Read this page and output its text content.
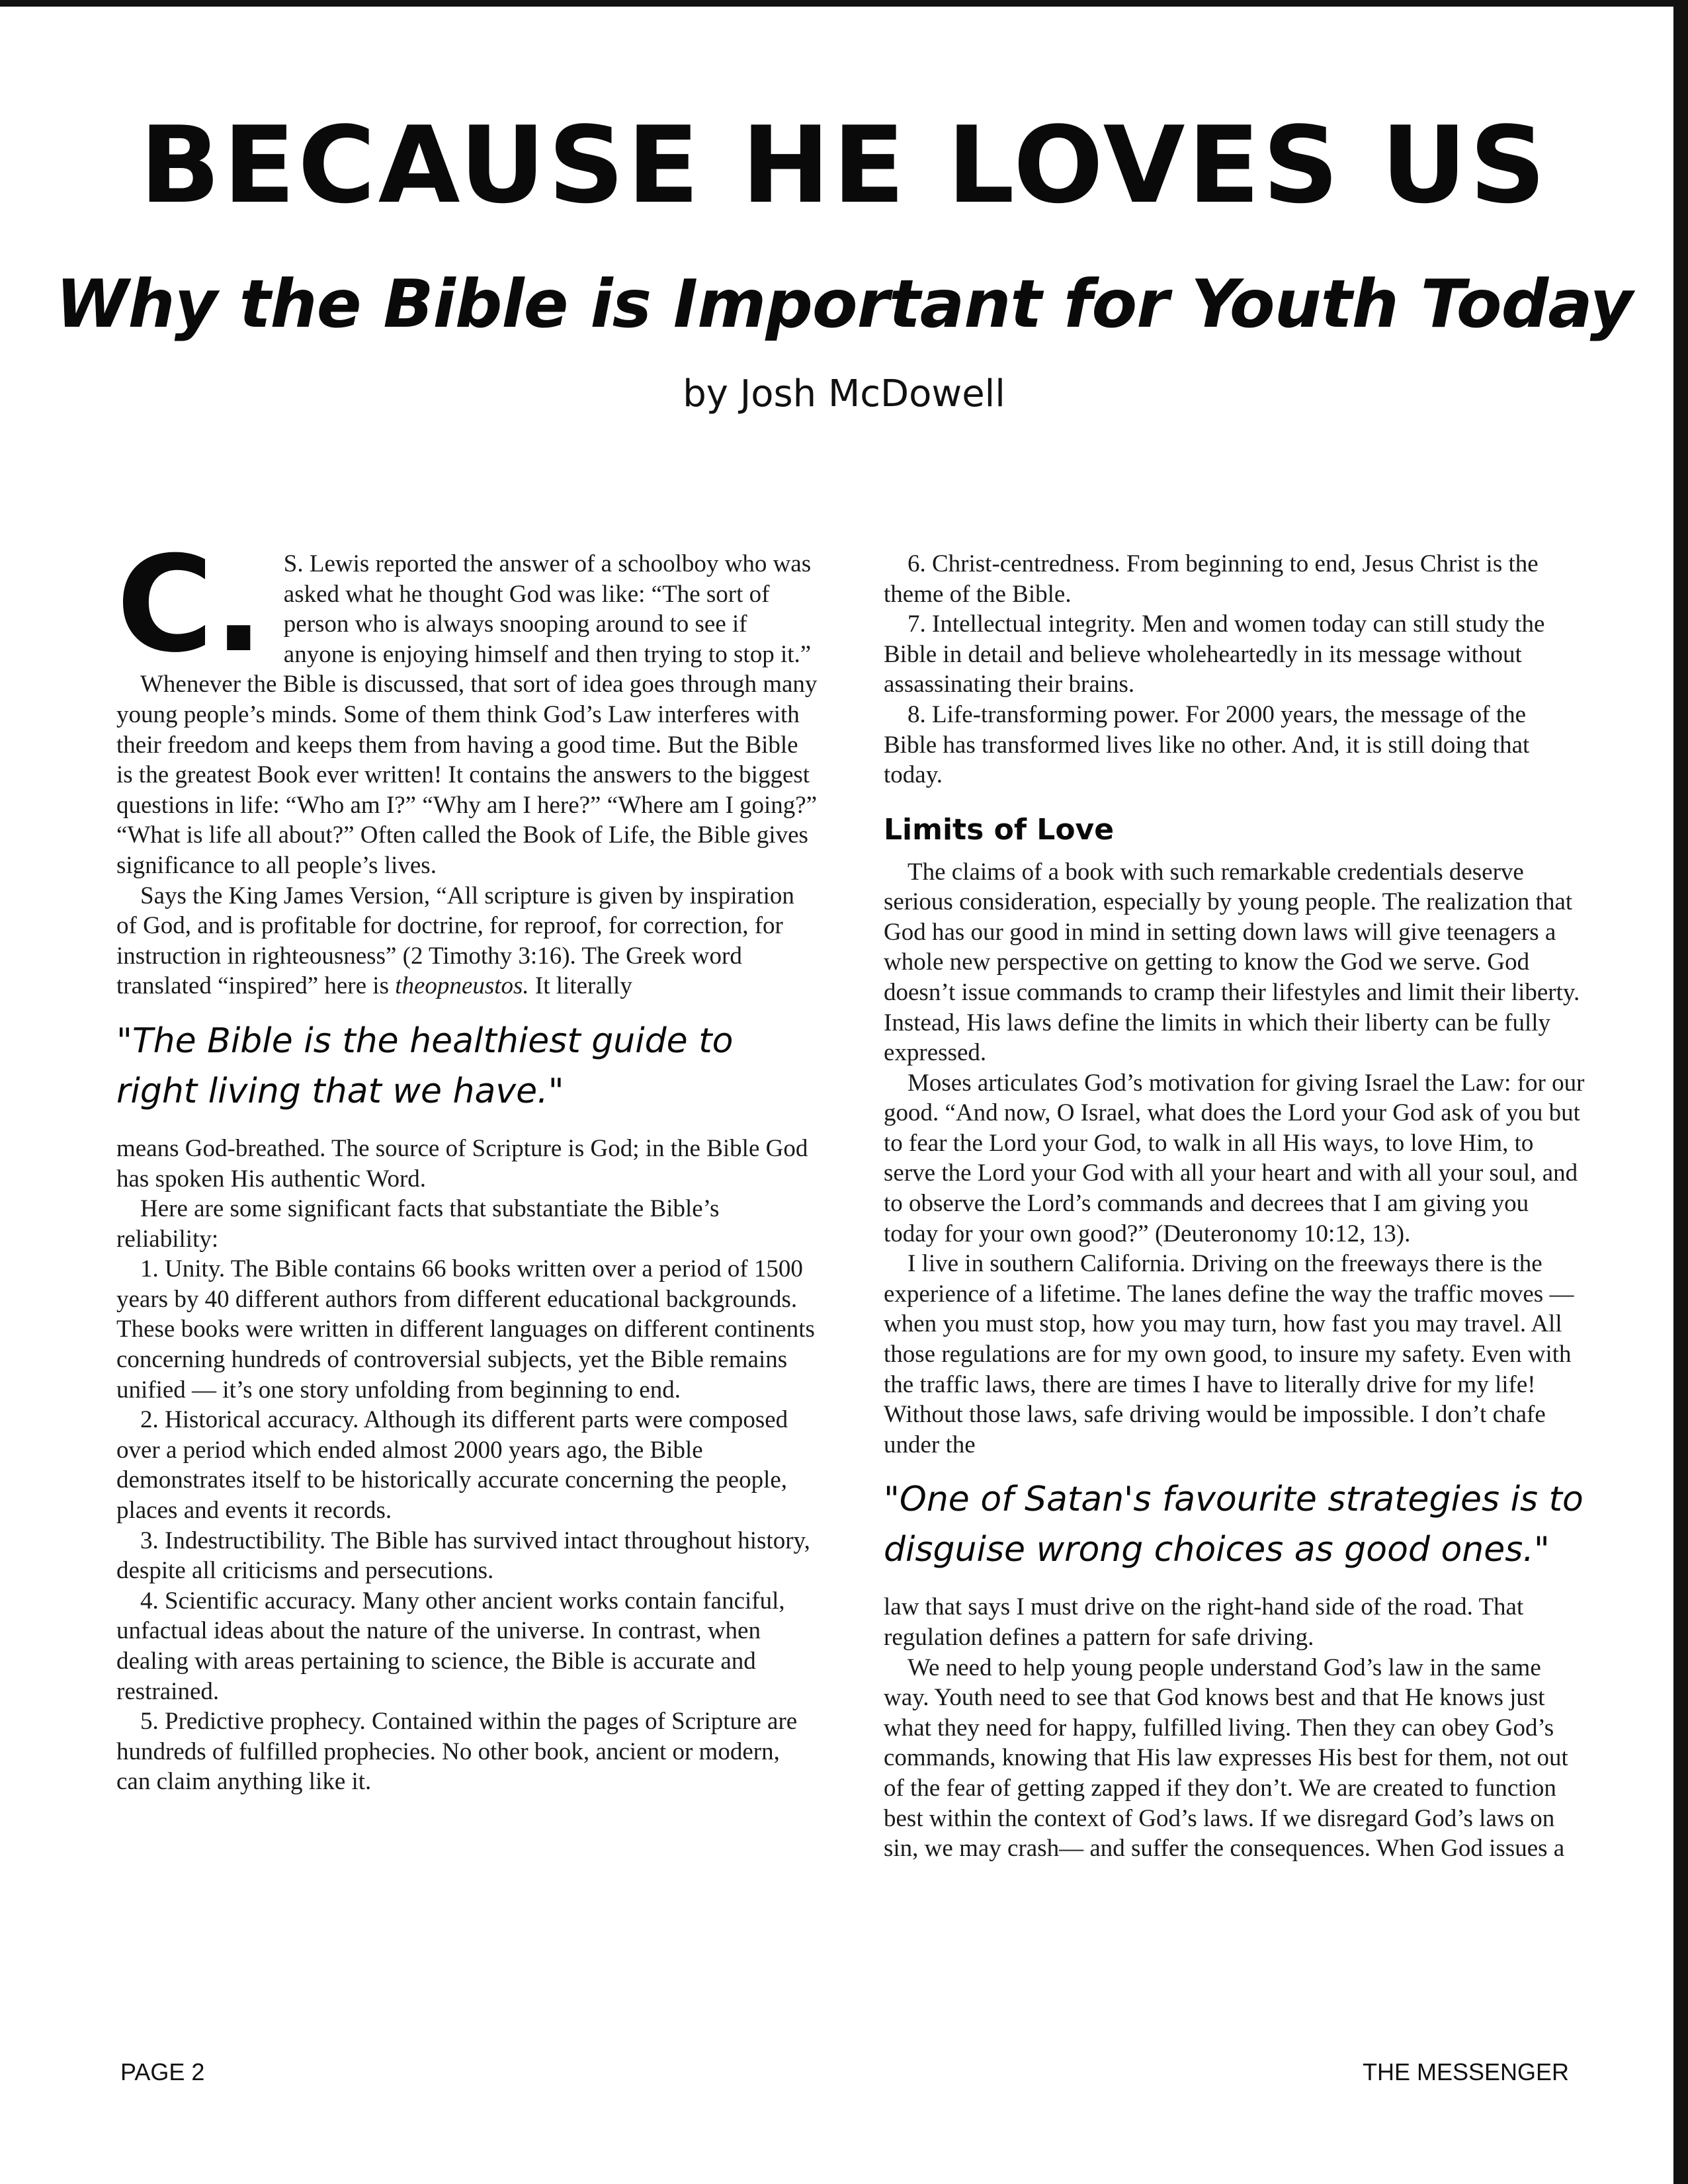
BECAUSE HE LOVES US
Why the Bible is Important for Youth Today
by Josh McDowell

C. S. Lewis reported the answer of a schoolboy who was asked what he thought God was like: “The sort of person who is always snooping around to see if anyone is enjoying himself and then trying to stop it.”

Whenever the Bible is discussed, that sort of idea goes through many young people’s minds. Some of them think God’s Law interferes with their freedom and keeps them from having a good time. But the Bible is the greatest Book ever written! It contains the answers to the biggest questions in life: “Who am I?” “Why am I here?” “Where am I going?” “What is life all about?” Often called the Book of Life, the Bible gives significance to all people’s lives.

Says the King James Version, “All scripture is given by inspiration of God, and is profitable for doctrine, for reproof, for correction, for instruction in righteousness” (2 Timothy 3:16). The Greek word translated “inspired” here is theopneustos. It literally

"The Bible is the healthiest guide to right living that we have."

means God-breathed. The source of Scripture is God; in the Bible God has spoken His authentic Word.

Here are some significant facts that substantiate the Bible’s reliability:

1. Unity. The Bible contains 66 books written over a period of 1500 years by 40 different authors from different educational backgrounds. These books were written in different languages on different continents concerning hundreds of controversial subjects, yet the Bible remains unified — it’s one story unfolding from beginning to end.

2. Historical accuracy. Although its different parts were composed over a period which ended almost 2000 years ago, the Bible demonstrates itself to be historically accurate concerning the people, places and events it records.

3. Indestructibility. The Bible has survived intact throughout history, despite all criticisms and persecutions.

4. Scientific accuracy. Many other ancient works contain fanciful, unfactual ideas about the nature of the universe. In contrast, when dealing with areas pertaining to science, the Bible is accurate and restrained.

5. Predictive prophecy. Contained within the pages of Scripture are hundreds of fulfilled prophecies. No other book, ancient or modern, can claim anything like it.

6. Christ-centredness. From beginning to end, Jesus Christ is the theme of the Bible.

7. Intellectual integrity. Men and women today can still study the Bible in detail and believe wholeheartedly in its message without assassinating their brains.

8. Life-transforming power. For 2000 years, the message of the Bible has transformed lives like no other. And, it is still doing that today.

Limits of Love

The claims of a book with such remarkable credentials deserve serious consideration, especially by young people. The realization that God has our good in mind in setting down laws will give teenagers a whole new perspective on getting to know the God we serve. God doesn’t issue commands to cramp their lifestyles and limit their liberty. Instead, His laws define the limits in which their liberty can be fully expressed.

Moses articulates God’s motivation for giving Israel the Law: for our good. “And now, O Israel, what does the Lord your God ask of you but to fear the Lord your God, to walk in all His ways, to love Him, to serve the Lord your God with all your heart and with all your soul, and to observe the Lord’s commands and decrees that I am giving you today for your own good?” (Deuteronomy 10:12, 13).

I live in southern California. Driving on the freeways there is the experience of a lifetime. The lanes define the way the traffic moves — when you must stop, how you may turn, how fast you may travel. All those regulations are for my own good, to insure my safety. Even with the traffic laws, there are times I have to literally drive for my life! Without those laws, safe driving would be impossible. I don’t chafe under the

"One of Satan's favourite strategies is to disguise wrong choices as good ones."

law that says I must drive on the right-hand side of the road. That regulation defines a pattern for safe driving.

We need to help young people understand God’s law in the same way. Youth need to see that God knows best and that He knows just what they need for happy, fulfilled living. Then they can obey God’s commands, knowing that His law expresses His best for them, not out of the fear of getting zapped if they don’t. We are created to function best within the context of God’s laws. If we disregard God’s laws on sin, we may crash— and suffer the consequences. When God issues a

PAGE 2	THE MESSENGER
